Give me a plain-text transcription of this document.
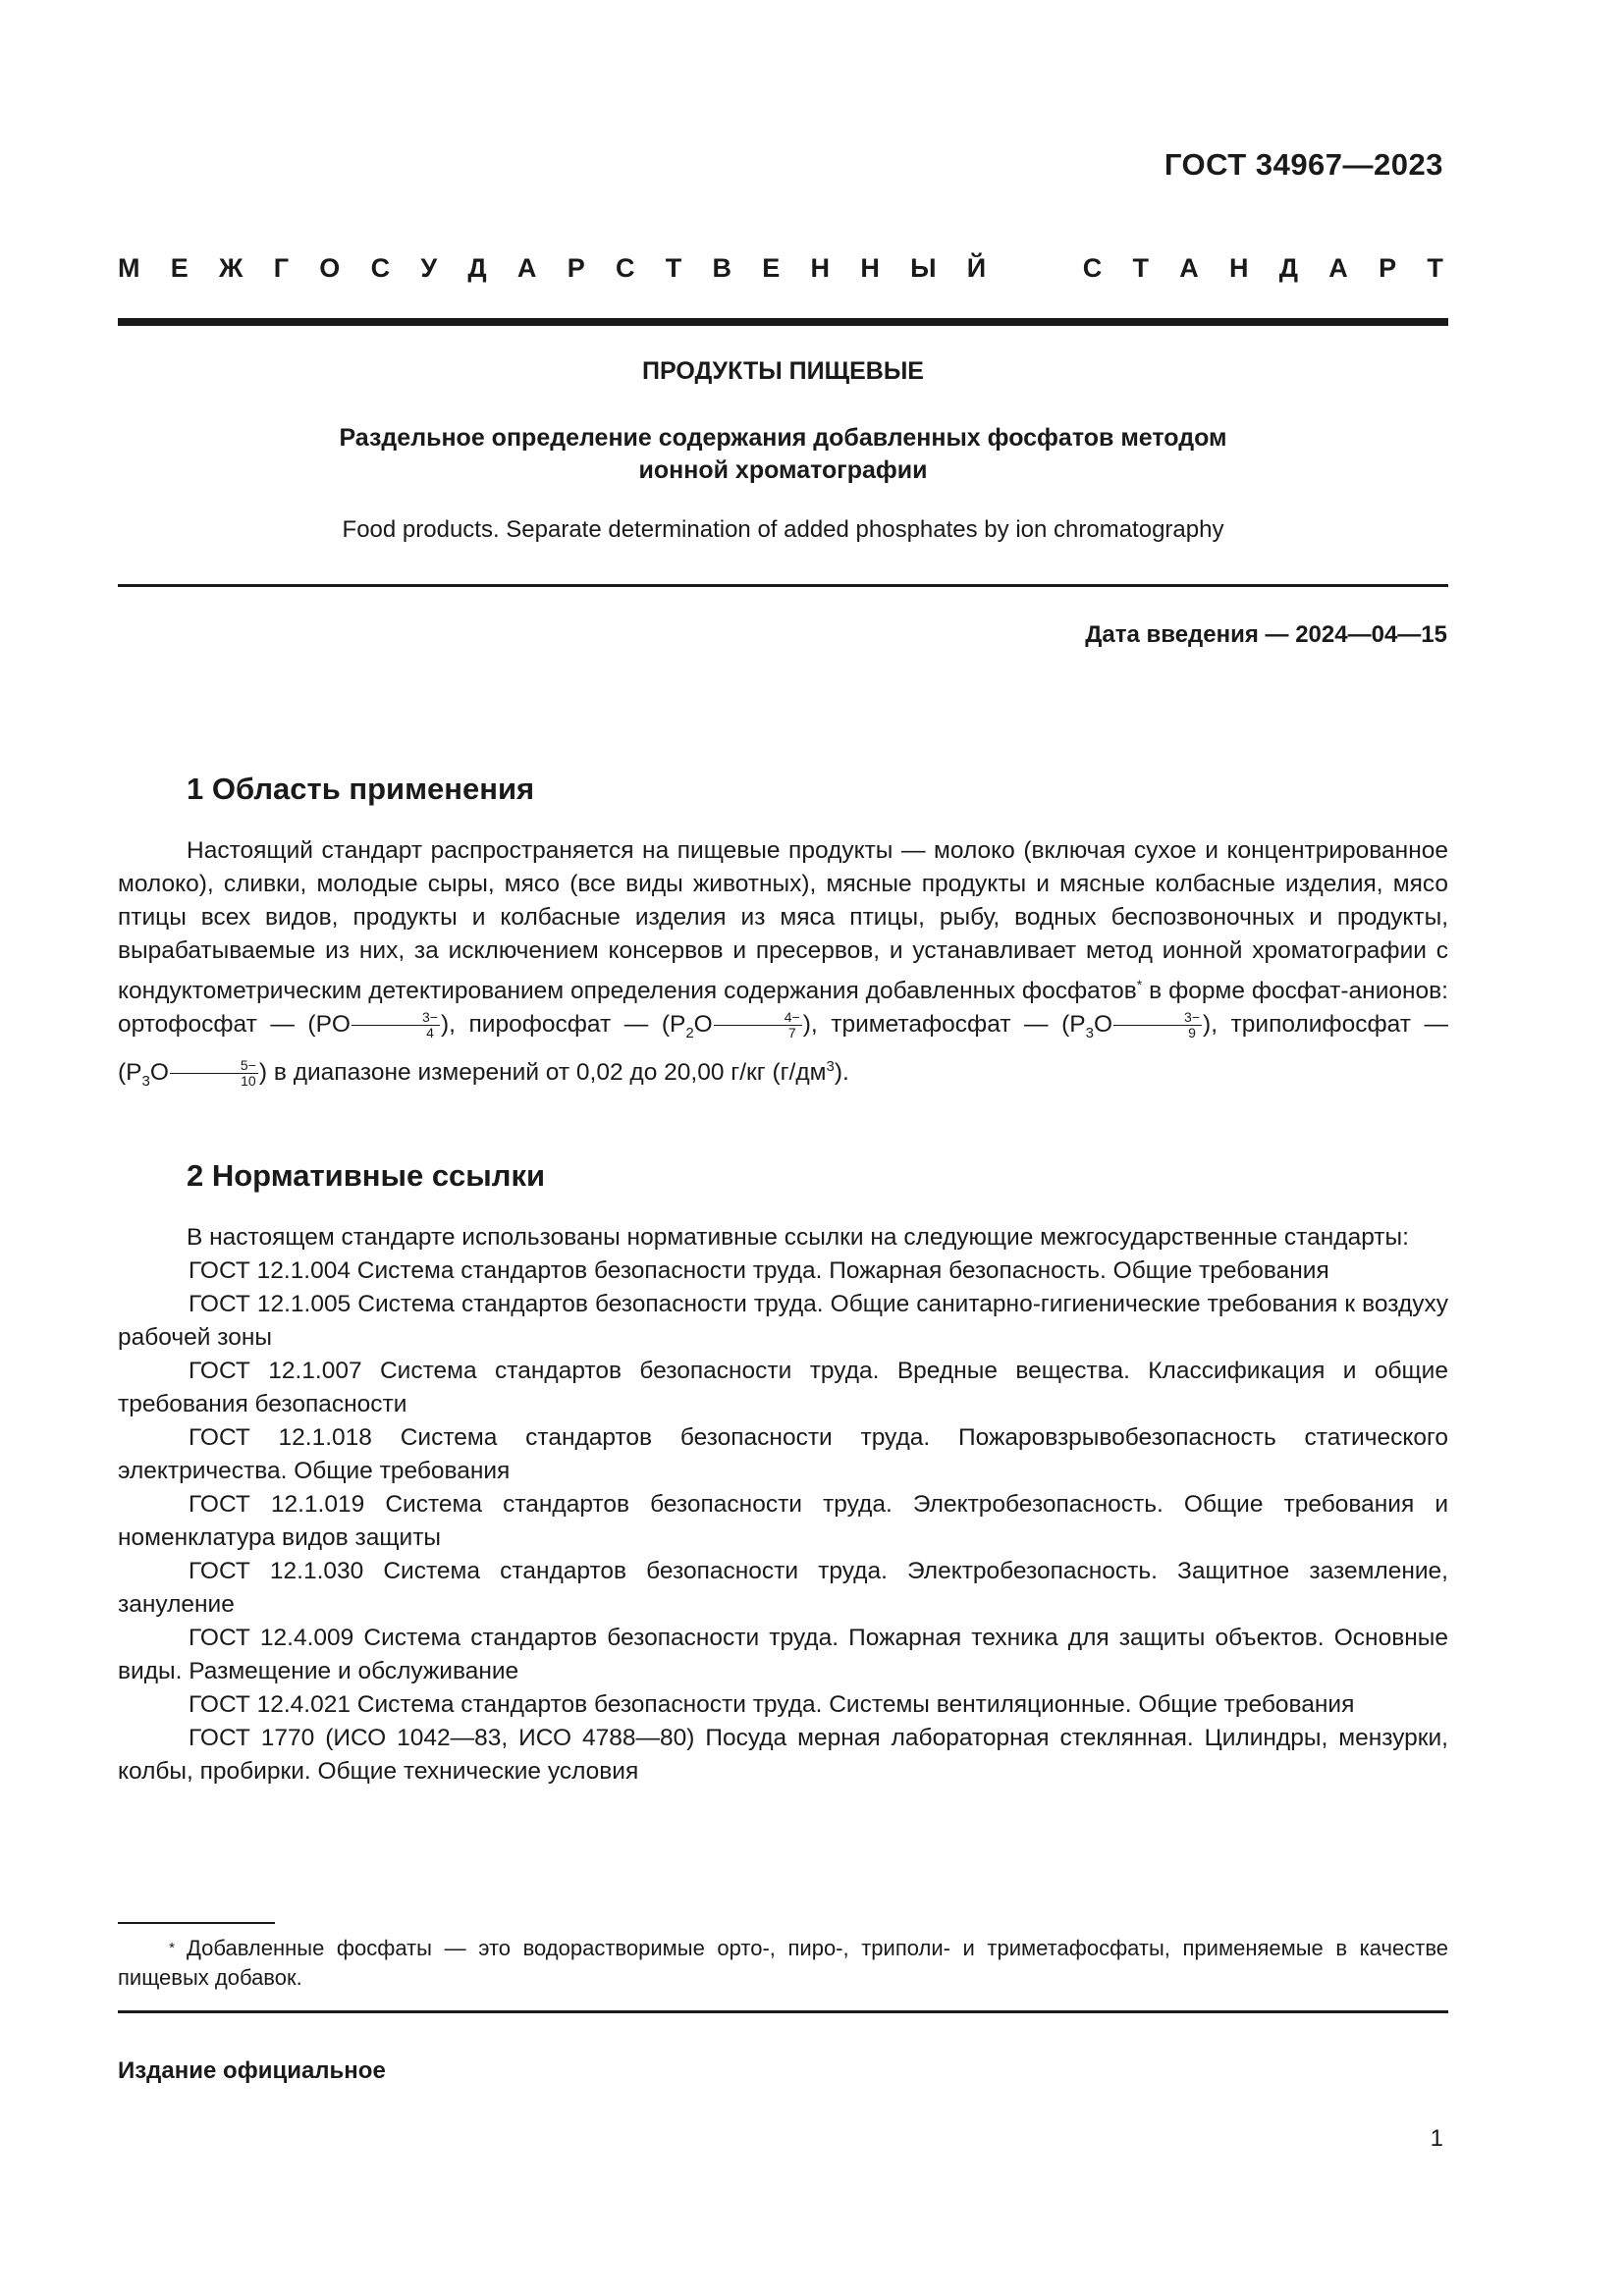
ГОСТ 34967—2023
М Е Ж Г О С У Д А Р С Т В Е Н Н Ы Й	С Т А Н Д А Р Т
ПРОДУКТЫ ПИЩЕВЫЕ
Раздельное определение содержания добавленных фосфатов методом
ионной хроматографии
Food products. Separate determination of added phosphates by ion chromatography
Дата введения — 2024—04—15
1 Область применения

Настоящий стандарт распространяется на пищевые продукты — молоко (включая сухое и концентрированное молоко), сливки, молодые сыры, мясо (все виды животных), мясные продукты и мясные колбасные изделия, мясо птицы всех видов, продукты и колбасные изделия из мяса птицы, рыбу, водных беспозвоночных и продукты, вырабатываемые из них, за исключением консервов и пресервов, и устанавливает метод ионной хроматографии с кондуктометрическим детектированием определения содержания добавленных фосфатов* в форме фосфат-анионов: ортофосфат — ($PO \frac{3-}{4}$ ), пирофосфат — ($P_2O \frac{4-}{7}$ ), триметафосфат — ($P_3O \frac{3-}{9}$ ), триполифосфат — ($P_3O \frac{5-}{10}$ ) в диапазоне измерений от 0,02 до 20,00 г/кг $(г/дм^3)$.

2 Нормативные ссылки

В настоящем стандарте использованы нормативные ссылки на следующие межгосударственные стандарты:

ГОСТ 12.1.004 Система стандартов безопасности труда. Пожарная безопасность. Общие требования

ГОСТ 12.1.005 Система стандартов безопасности труда. Общие санитарно-гигиенические требования к воздуху рабочей зоны

ГОСТ 12.1.007 Система стандартов безопасности труда. Вредные вещества. Классификация и общие требования безопасности

ГОСТ 12.1.018 Система стандартов безопасности труда. Пожаровзрывобезопасность статического электричества. Общие требования

ГОСТ 12.1.019 Система стандартов безопасности труда. Электробезопасность. Общие требования и номенклатура видов защиты

ГОСТ 12.1.030 Система стандартов безопасности труда. Электробезопасность. Защитное заземление, зануление

ГОСТ 12.4.009 Система стандартов безопасности труда. Пожарная техника для защиты объектов. Основные виды. Размещение и обслуживание

ГОСТ 12.4.021 Система стандартов безопасности труда. Системы вентиляционные. Общие требования

ГОСТ 1770 (ИСО 1042—83, ИСО 4788—80) Посуда мерная лабораторная стеклянная. Цилиндры, мензурки, колбы, пробирки. Общие технические условия

* Добавленные фосфаты — это водорастворимые орто-, пиро-, триполи- и триметафосфаты, применяемые в качестве пищевых добавок.
Издание официальное
1
